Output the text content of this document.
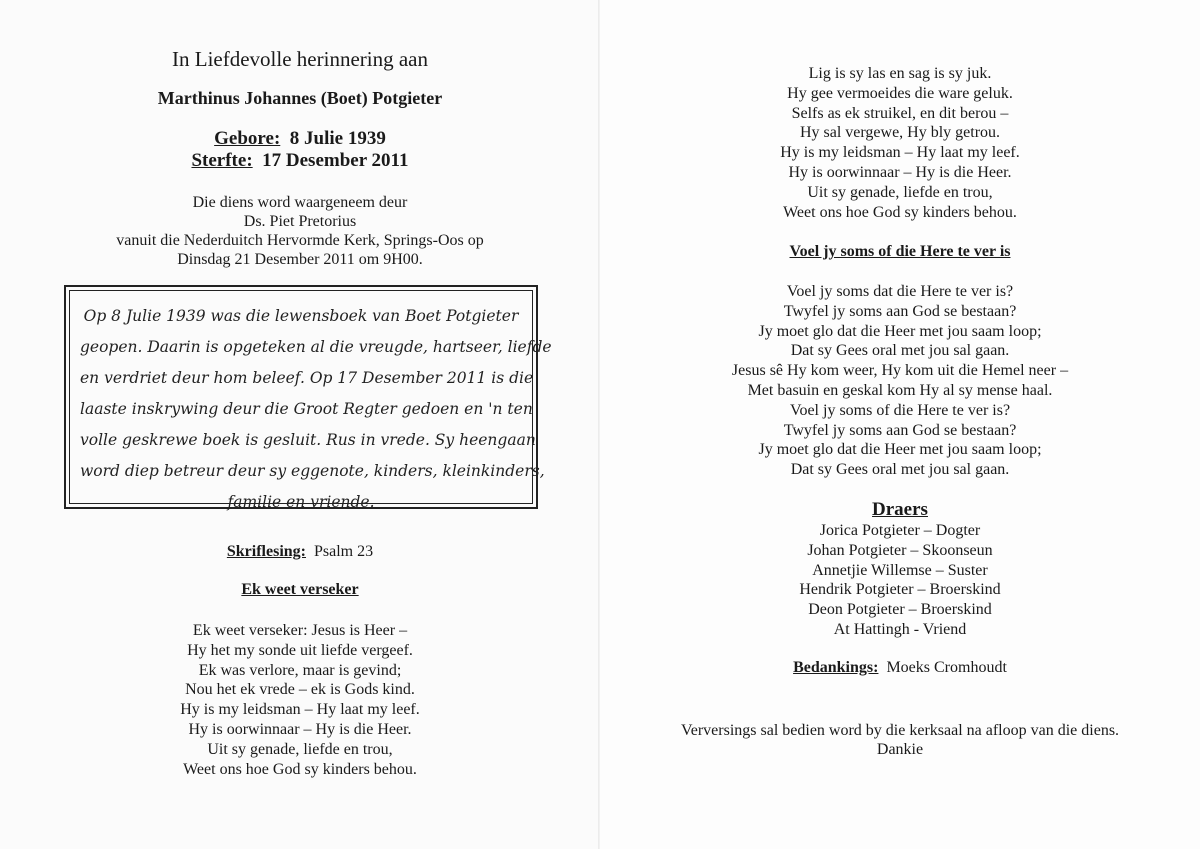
In Liefdevolle herinnering aan
Marthinus Johannes (Boet) Potgieter
Gebore: 8 Julie 1939
Sterfte: 17 Desember 2011
Die diens word waargeneem deur
Ds. Piet Pretorius
vanuit die Nederduitch Hervormde Kerk, Springs-Oos op
Dinsdag 21 Desember 2011 om 9H00.
Op 8 Julie 1939 was die lewensboek van Boet Potgieter
geopen. Daarin is opgeteken al die vreugde, hartseer, liefde
en verdriet deur hom beleef. Op 17 Desember 2011 is die
laaste inskrywing deur die Groot Regter gedoen en 'n ten
volle geskrewe boek is gesluit. Rus in vrede. Sy heengaan
word diep betreur deur sy eggenote, kinders, kleinkinders,
familie en vriende.
Skriflesing: Psalm 23
Ek weet verseker
Ek weet verseker: Jesus is Heer –
Hy het my sonde uit liefde vergeef.
Ek was verlore, maar is gevind;
Nou het ek vrede – ek is Gods kind.
Hy is my leidsman – Hy laat my leef.
Hy is oorwinnaar – Hy is die Heer.
Uit sy genade, liefde en trou,
Weet ons hoe God sy kinders behou.
Lig is sy las en sag is sy juk.
Hy gee vermoeides die ware geluk.
Selfs as ek struikel, en dit berou –
Hy sal vergewe, Hy bly getrou.
Hy is my leidsman – Hy laat my leef.
Hy is oorwinnaar – Hy is die Heer.
Uit sy genade, liefde en trou,
Weet ons hoe God sy kinders behou.
Voel jy soms of die Here te ver is
Voel jy soms dat die Here te ver is?
Twyfel jy soms aan God se bestaan?
Jy moet glo dat die Heer met jou saam loop;
Dat sy Gees oral met jou sal gaan.
Jesus sê Hy kom weer, Hy kom uit die Hemel neer –
Met basuin en geskal kom Hy al sy mense haal.
Voel jy soms of die Here te ver is?
Twyfel jy soms aan God se bestaan?
Jy moet glo dat die Heer met jou saam loop;
Dat sy Gees oral met jou sal gaan.
Draers
Jorica Potgieter – Dogter
Johan Potgieter – Skoonseun
Annetjie Willemse – Suster
Hendrik Potgieter – Broerskind
Deon Potgieter – Broerskind
At Hattingh - Vriend
Bedankings: Moeks Cromhoudt
Verversings sal bedien word by die kerksaal na afloop van die diens.
Dankie
